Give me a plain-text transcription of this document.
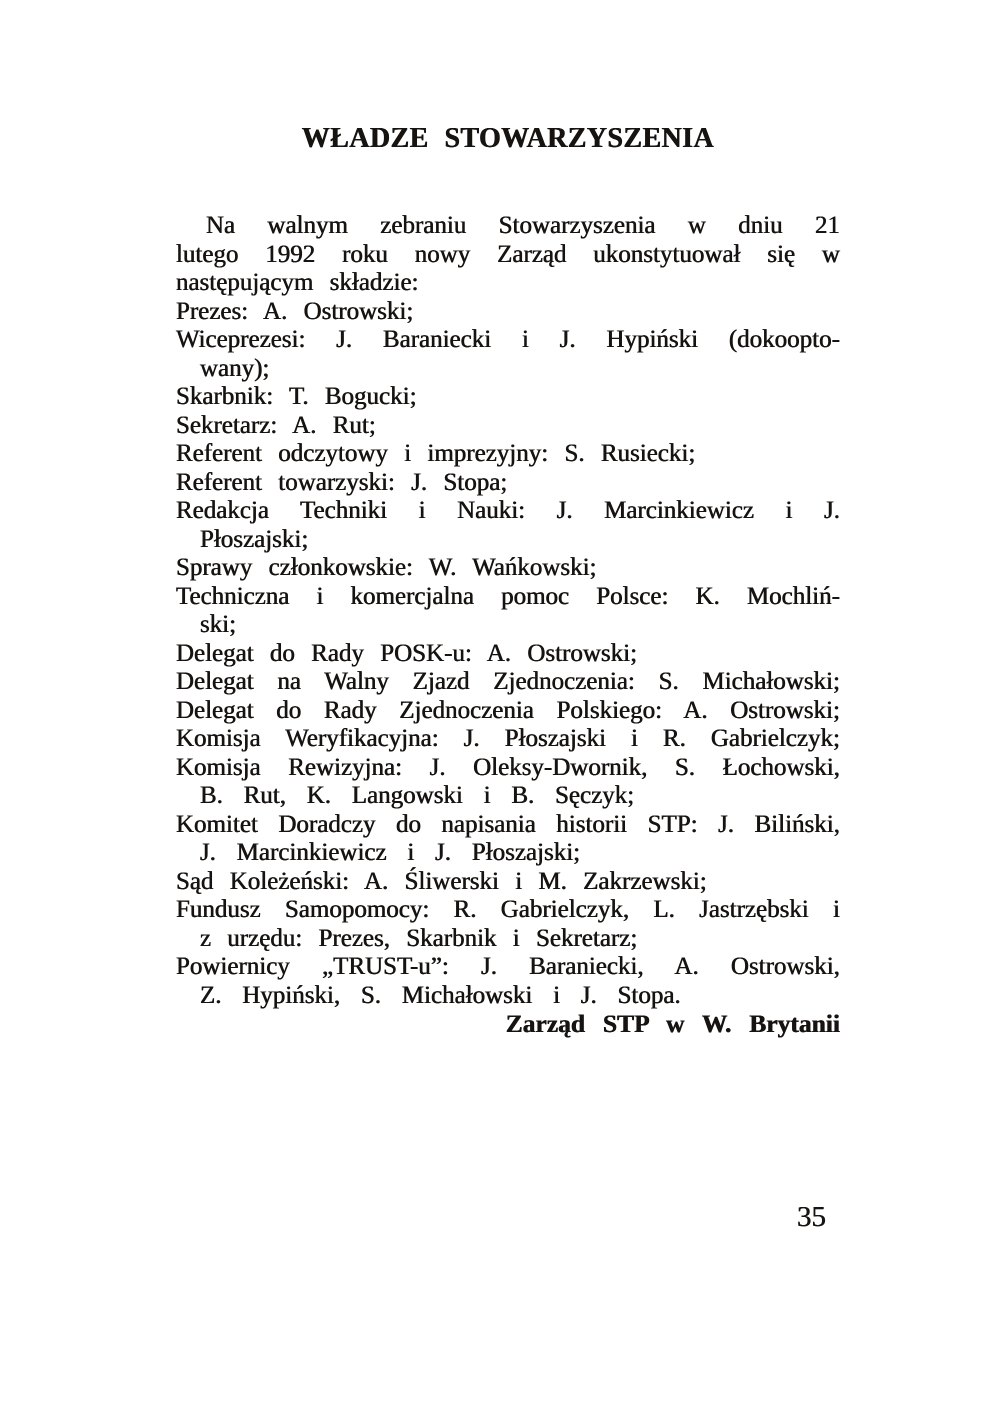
WŁADZE STOWARZYSZENIA
Na walnym zebraniu Stowarzyszenia w dniu 21
lutego 1992 roku nowy Zarząd ukonstytuował się w
następującym składzie:
Prezes: A. Ostrowski;
Wiceprezesi: J. Baraniecki i J. Hypiński (dokoopto-
wany);
Skarbnik: T. Bogucki;
Sekretarz: A. Rut;
Referent odczytowy i imprezyjny: S. Rusiecki;
Referent towarzyski: J. Stopa;
Redakcja Techniki i Nauki: J. Marcinkiewicz i J.
Płoszajski;
Sprawy członkowskie: W. Wańkowski;
Techniczna i komercjalna pomoc Polsce: K. Mochliń-
ski;
Delegat do Rady POSK-u: A. Ostrowski;
Delegat na Walny Zjazd Zjednoczenia: S. Michałowski;
Delegat do Rady Zjednoczenia Polskiego: A. Ostrowski;
Komisja Weryfikacyjna: J. Płoszajski i R. Gabrielczyk;
Komisja Rewizyjna: J. Oleksy-Dwornik, S. Łochowski,
B. Rut, K. Langowski i B. Sęczyk;
Komitet Doradczy do napisania historii STP: J. Biliński,
J. Marcinkiewicz i J. Płoszajski;
Sąd Koleżeński: A. Śliwerski i M. Zakrzewski;
Fundusz Samopomocy: R. Gabrielczyk, L. Jastrzębski i
z urzędu: Prezes, Skarbnik i Sekretarz;
Powiernicy „TRUST-u”: J. Baraniecki, A. Ostrowski,
Z. Hypiński, S. Michałowski i J. Stopa.
Zarząd STP w W. Brytanii
35
